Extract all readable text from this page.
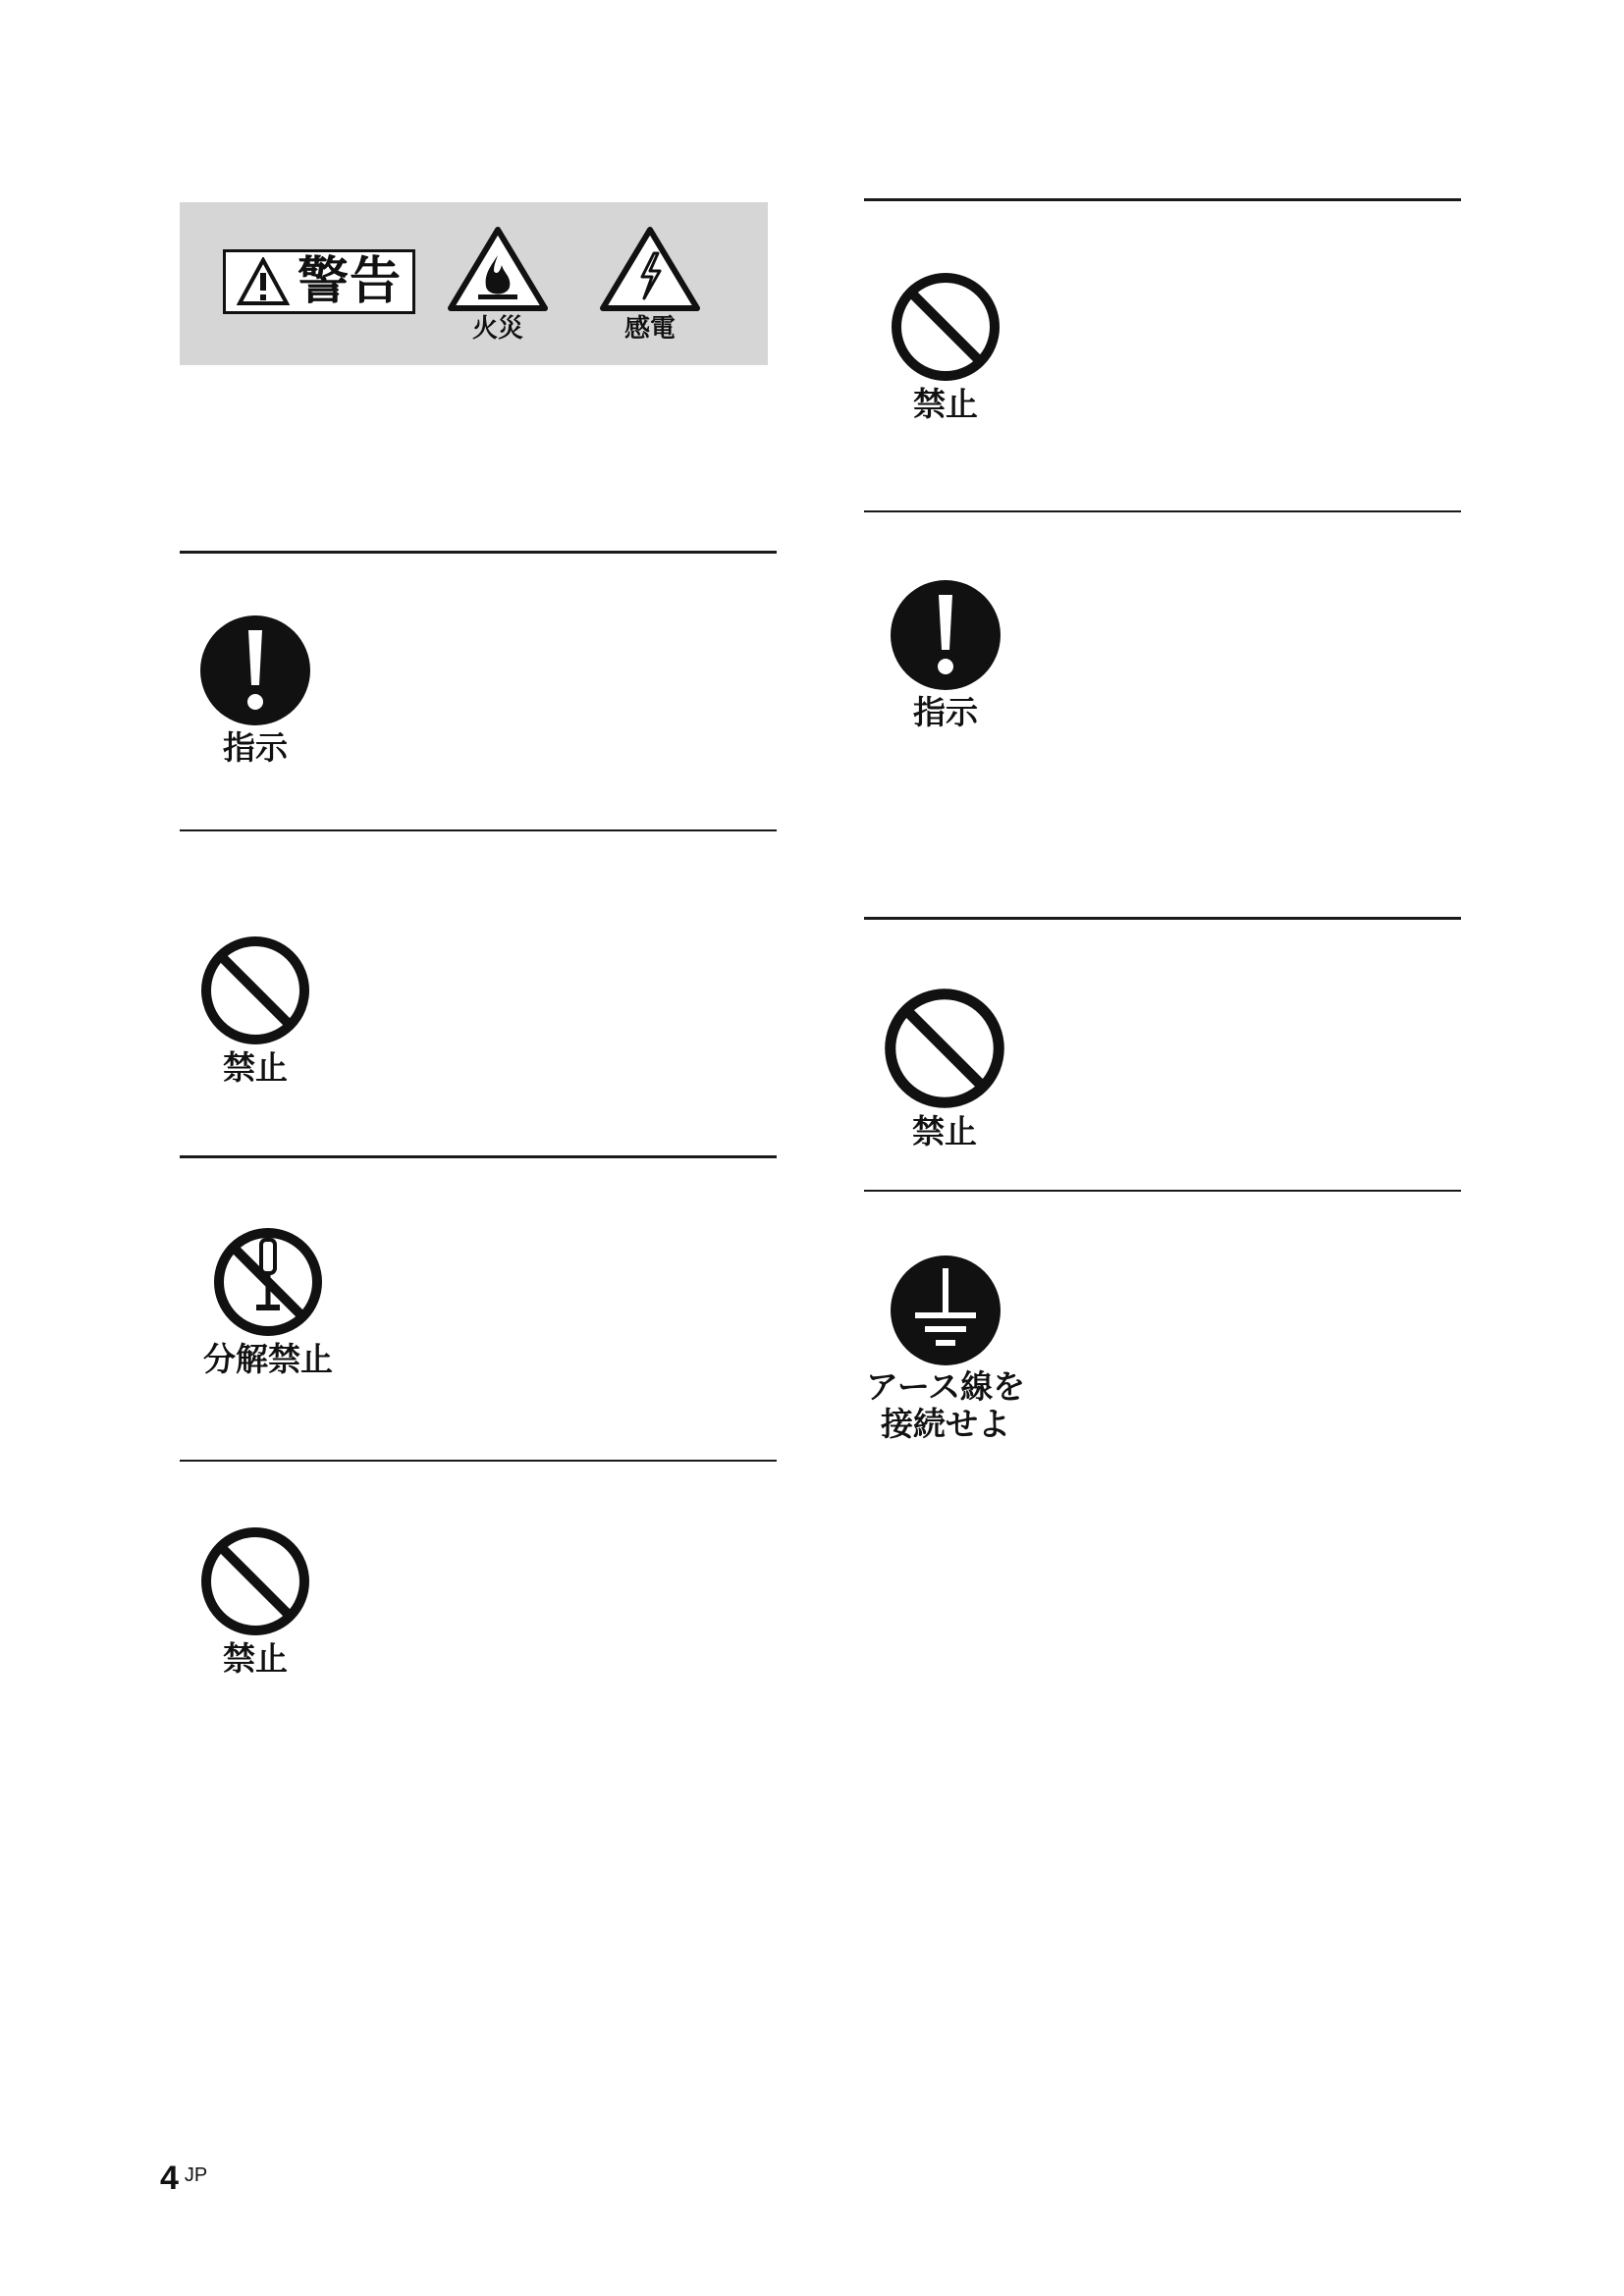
警告
火災	感電
指示
禁止
分解禁止
禁止
禁止
指示
禁止
アース線を
接続せよ
4 JP
